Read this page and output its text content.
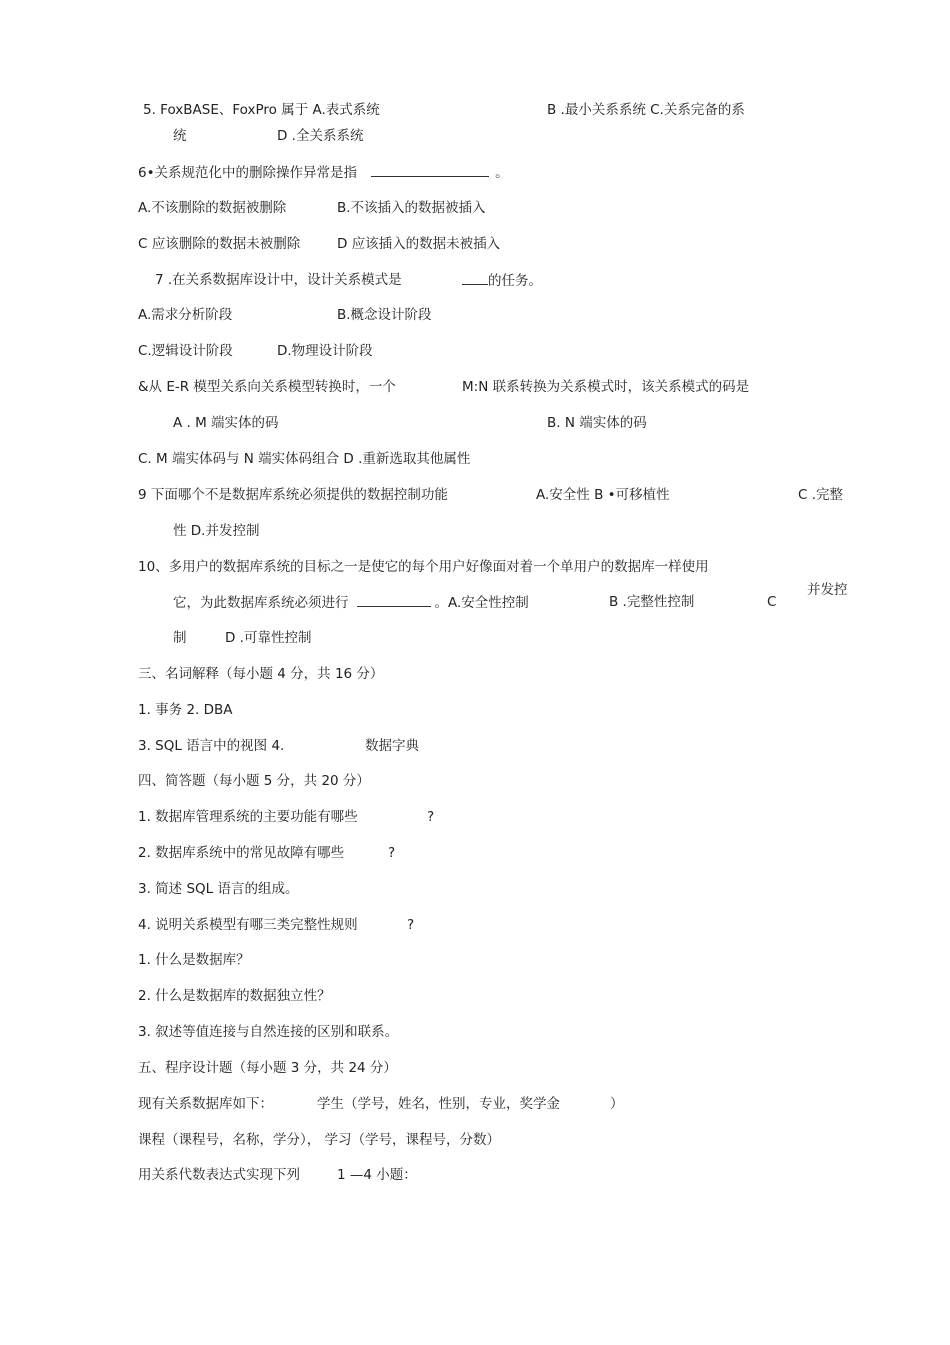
5. FoxBASE、FoxPro 属于 A.表式系统	B .最小关系系统 C.关系完备的系
统	D .全关系系统
6•关系规范化中的删除操作异常是指	。
A.不该删除的数据被删除	B.不该插入的数据被插入
C 应该删除的数据未被删除	D 应该插入的数据未被插入
7 .在关系数据库设计中，设计关系模式是	的任务。
A.需求分析阶段	B.概念设计阶段
C.逻辑设计阶段	D.物理设计阶段
&从 E-R 模型关系向关系模型转换时，一个	M:N 联系转换为关系模式时，该关系模式的码是
A . M 端实体的码	B. N 端实体的码
C. M 端实体码与 N 端实体码组合 D .重新选取其他属性
9 下面哪个不是数据库系统必须提供的数据控制功能	A.安全性 B •可移植性	C .完整
性 D.并发控制
10、多用户的数据库系统的目标之一是使它的每个用户好像面对着一个单用户的数据库一样使用
并发控
它，为此数据库系统必须进行	。A.安全性控制	B .完整性控制	C
制	D .可靠性控制
三、名词解释（每小题 4 分，共 16 分）
1. 事务 2. DBA
3. SQL 语言中的视图 4.	数据字典
四、简答题（每小题 5 分，共 20 分）
1. 数据库管理系统的主要功能有哪些	?
2. 数据库系统中的常见故障有哪些	?
3. 简述 SQL 语言的组成。
4. 说明关系模型有哪三类完整性规则	?
1. 什么是数据库？
2. 什么是数据库的数据独立性？
3. 叙述等值连接与自然连接的区别和联系。
五、程序设计题（每小题 3 分，共 24 分）
现有关系数据库如下：	学生（学号，姓名，性别，专业，奖学金	）
课程（课程号，名称，学分）， 学习（学号，课程号，分数）
用关系代数表达式实现下列	1 —4 小题：
